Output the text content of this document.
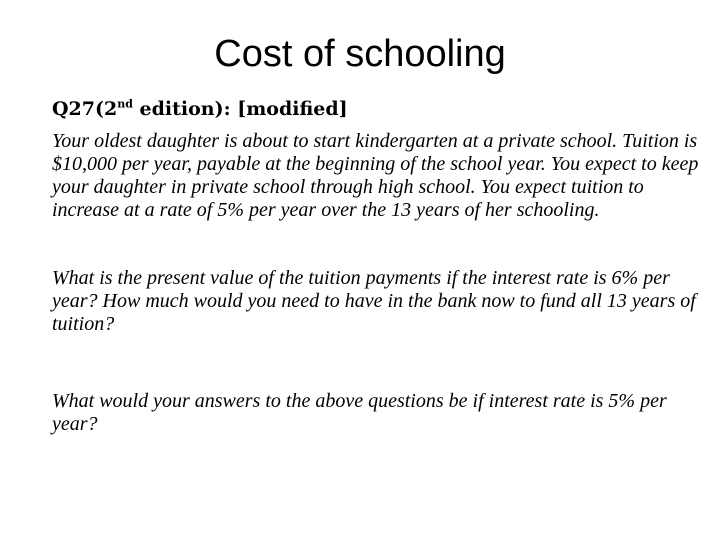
Cost of schooling
Q27(2nd edition): [modified]
Your oldest daughter is about to start kindergarten at a private school. Tuition is $10,000 per year, payable at the beginning of the school year. You expect to keep your daughter in private school through high school. You expect tuition to increase at a rate of 5% per year over the 13 years of her schooling.
What is the present value of the tuition payments if the interest rate is 6% per year? How much would you need to have in the bank now to fund all 13 years of tuition?
What would your answers to the above questions be if interest rate is 5% per year?
